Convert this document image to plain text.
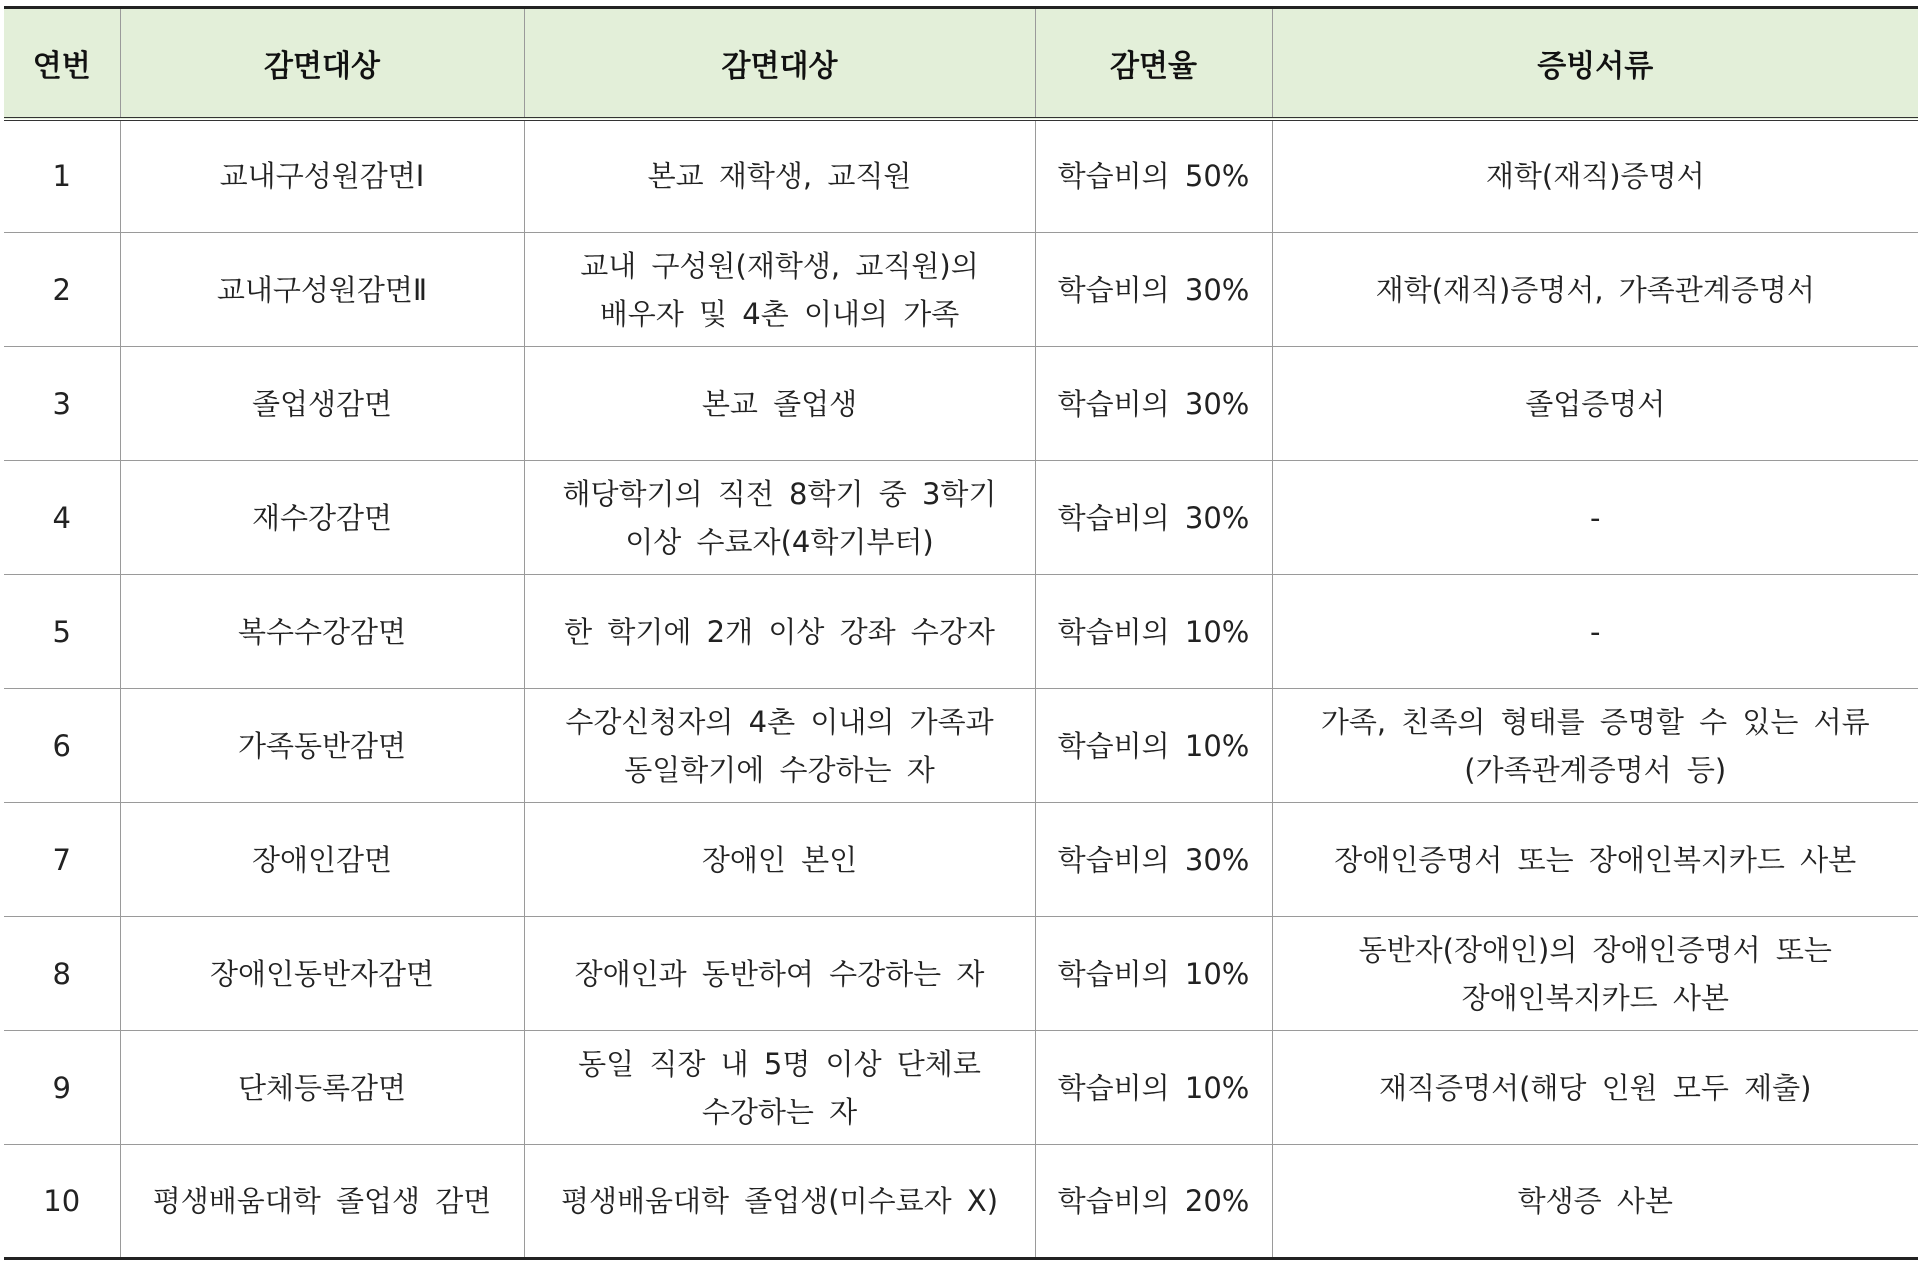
연번	감면대상	감면대상	감면율	증빙서류
1	교내구성원감면Ⅰ	본교 재학생, 교직원	학습비의 50%	재학(재직)증명서

2	교내구성원감면Ⅱ	교내 구성원(재학생, 교직원)의
배우자 및 4촌 이내의 가족	학습비의 30%	재학(재직)증명서, 가족관계증명서

3	졸업생감면	본교 졸업생	학습비의 30%	졸업증명서

4	재수강감면	해당학기의 직전 8학기 중 3학기
이상 수료자(4학기부터)	학습비의 30%	-

5	복수수강감면	한 학기에 2개 이상 강좌 수강자	학습비의 10%	-

6	가족동반감면	수강신청자의 4촌 이내의 가족과
동일학기에 수강하는 자	학습비의 10%	가족, 친족의 형태를 증명할 수 있는 서류
(가족관계증명서 등)

7	장애인감면	장애인 본인	학습비의 30%	장애인증명서 또는 장애인복지카드 사본

8	장애인동반자감면	장애인과 동반하여 수강하는 자	학습비의 10%	동반자(장애인)의 장애인증명서 또는
장애인복지카드 사본

9	단체등록감면	동일 직장 내 5명 이상 단체로
수강하는 자	학습비의 10%	재직증명서(해당 인원 모두 제출)

10	평생배움대학 졸업생 감면	평생배움대학 졸업생(미수료자 X)	학습비의 20%	학생증 사본
